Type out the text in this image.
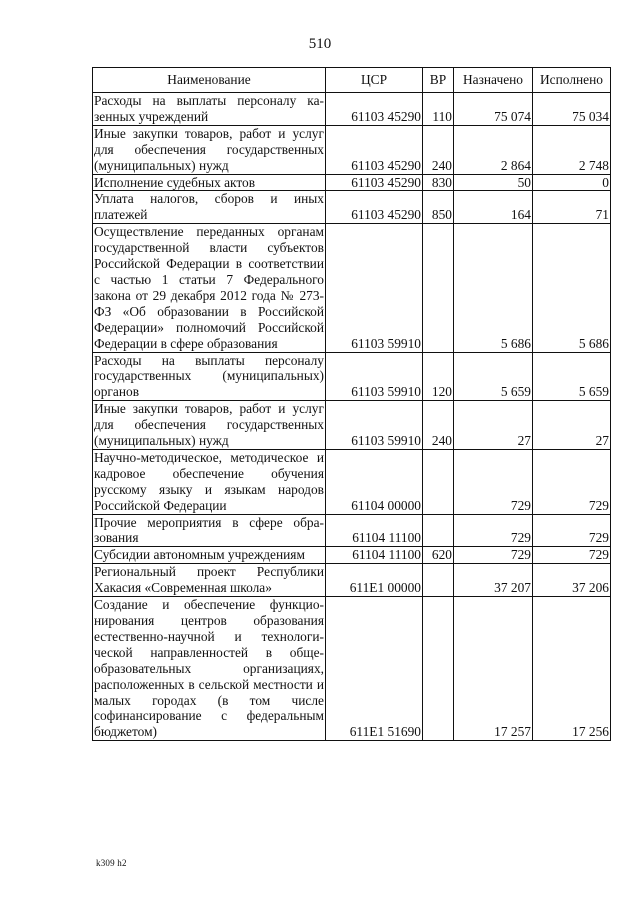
510
Наименование	ЦСР	ВР	Назначено	Исполнено
Расходы на выплаты персоналу казенных учреждений	61103 45290	110	75 074	75 034
Иные закупки товаров, работ и услуг для обеспечения государственных (муниципальных) нужд	61103 45290	240	2 864	2 748
Исполнение судебных актов	61103 45290	830	50	0
Уплата налогов, сборов и иных платежей	61103 45290	850	164	71
Осуществление переданных органам государственной власти субъектов Российской Федерации в соответствии с частью 1 статьи 7 Федерального закона от 29 декабря 2012 года № 273-ФЗ «Об образовании в Российской Федерации» полномочий Российской Федерации в сфере образования	61103 59910		5 686	5 686
Расходы на выплаты персоналу государственных (муниципальных) органов	61103 59910	120	5 659	5 659
Иные закупки товаров, работ и услуг для обеспечения государственных (муниципальных) нужд	61103 59910	240	27	27
Научно-методическое, методическое и кадровое обеспечение обучения русскому языку и языкам народов Российской Федерации	61104 00000		729	729
Прочие мероприятия в сфере образования	61104 11100		729	729
Субсидии автономным учреждениям	61104 11100	620	729	729
Региональный проект Республики Хакасия «Современная школа»	611E1 00000		37 207	37 206
Создание и обеспечение функционирования центров образования естественно-научной и технологической направленностей в общеобразовательных организациях, расположенных в сельской местности и малых городах (в том числе софинансирование с федеральным бюджетом)	611E1 51690		17 257	17 256
k309 h2
